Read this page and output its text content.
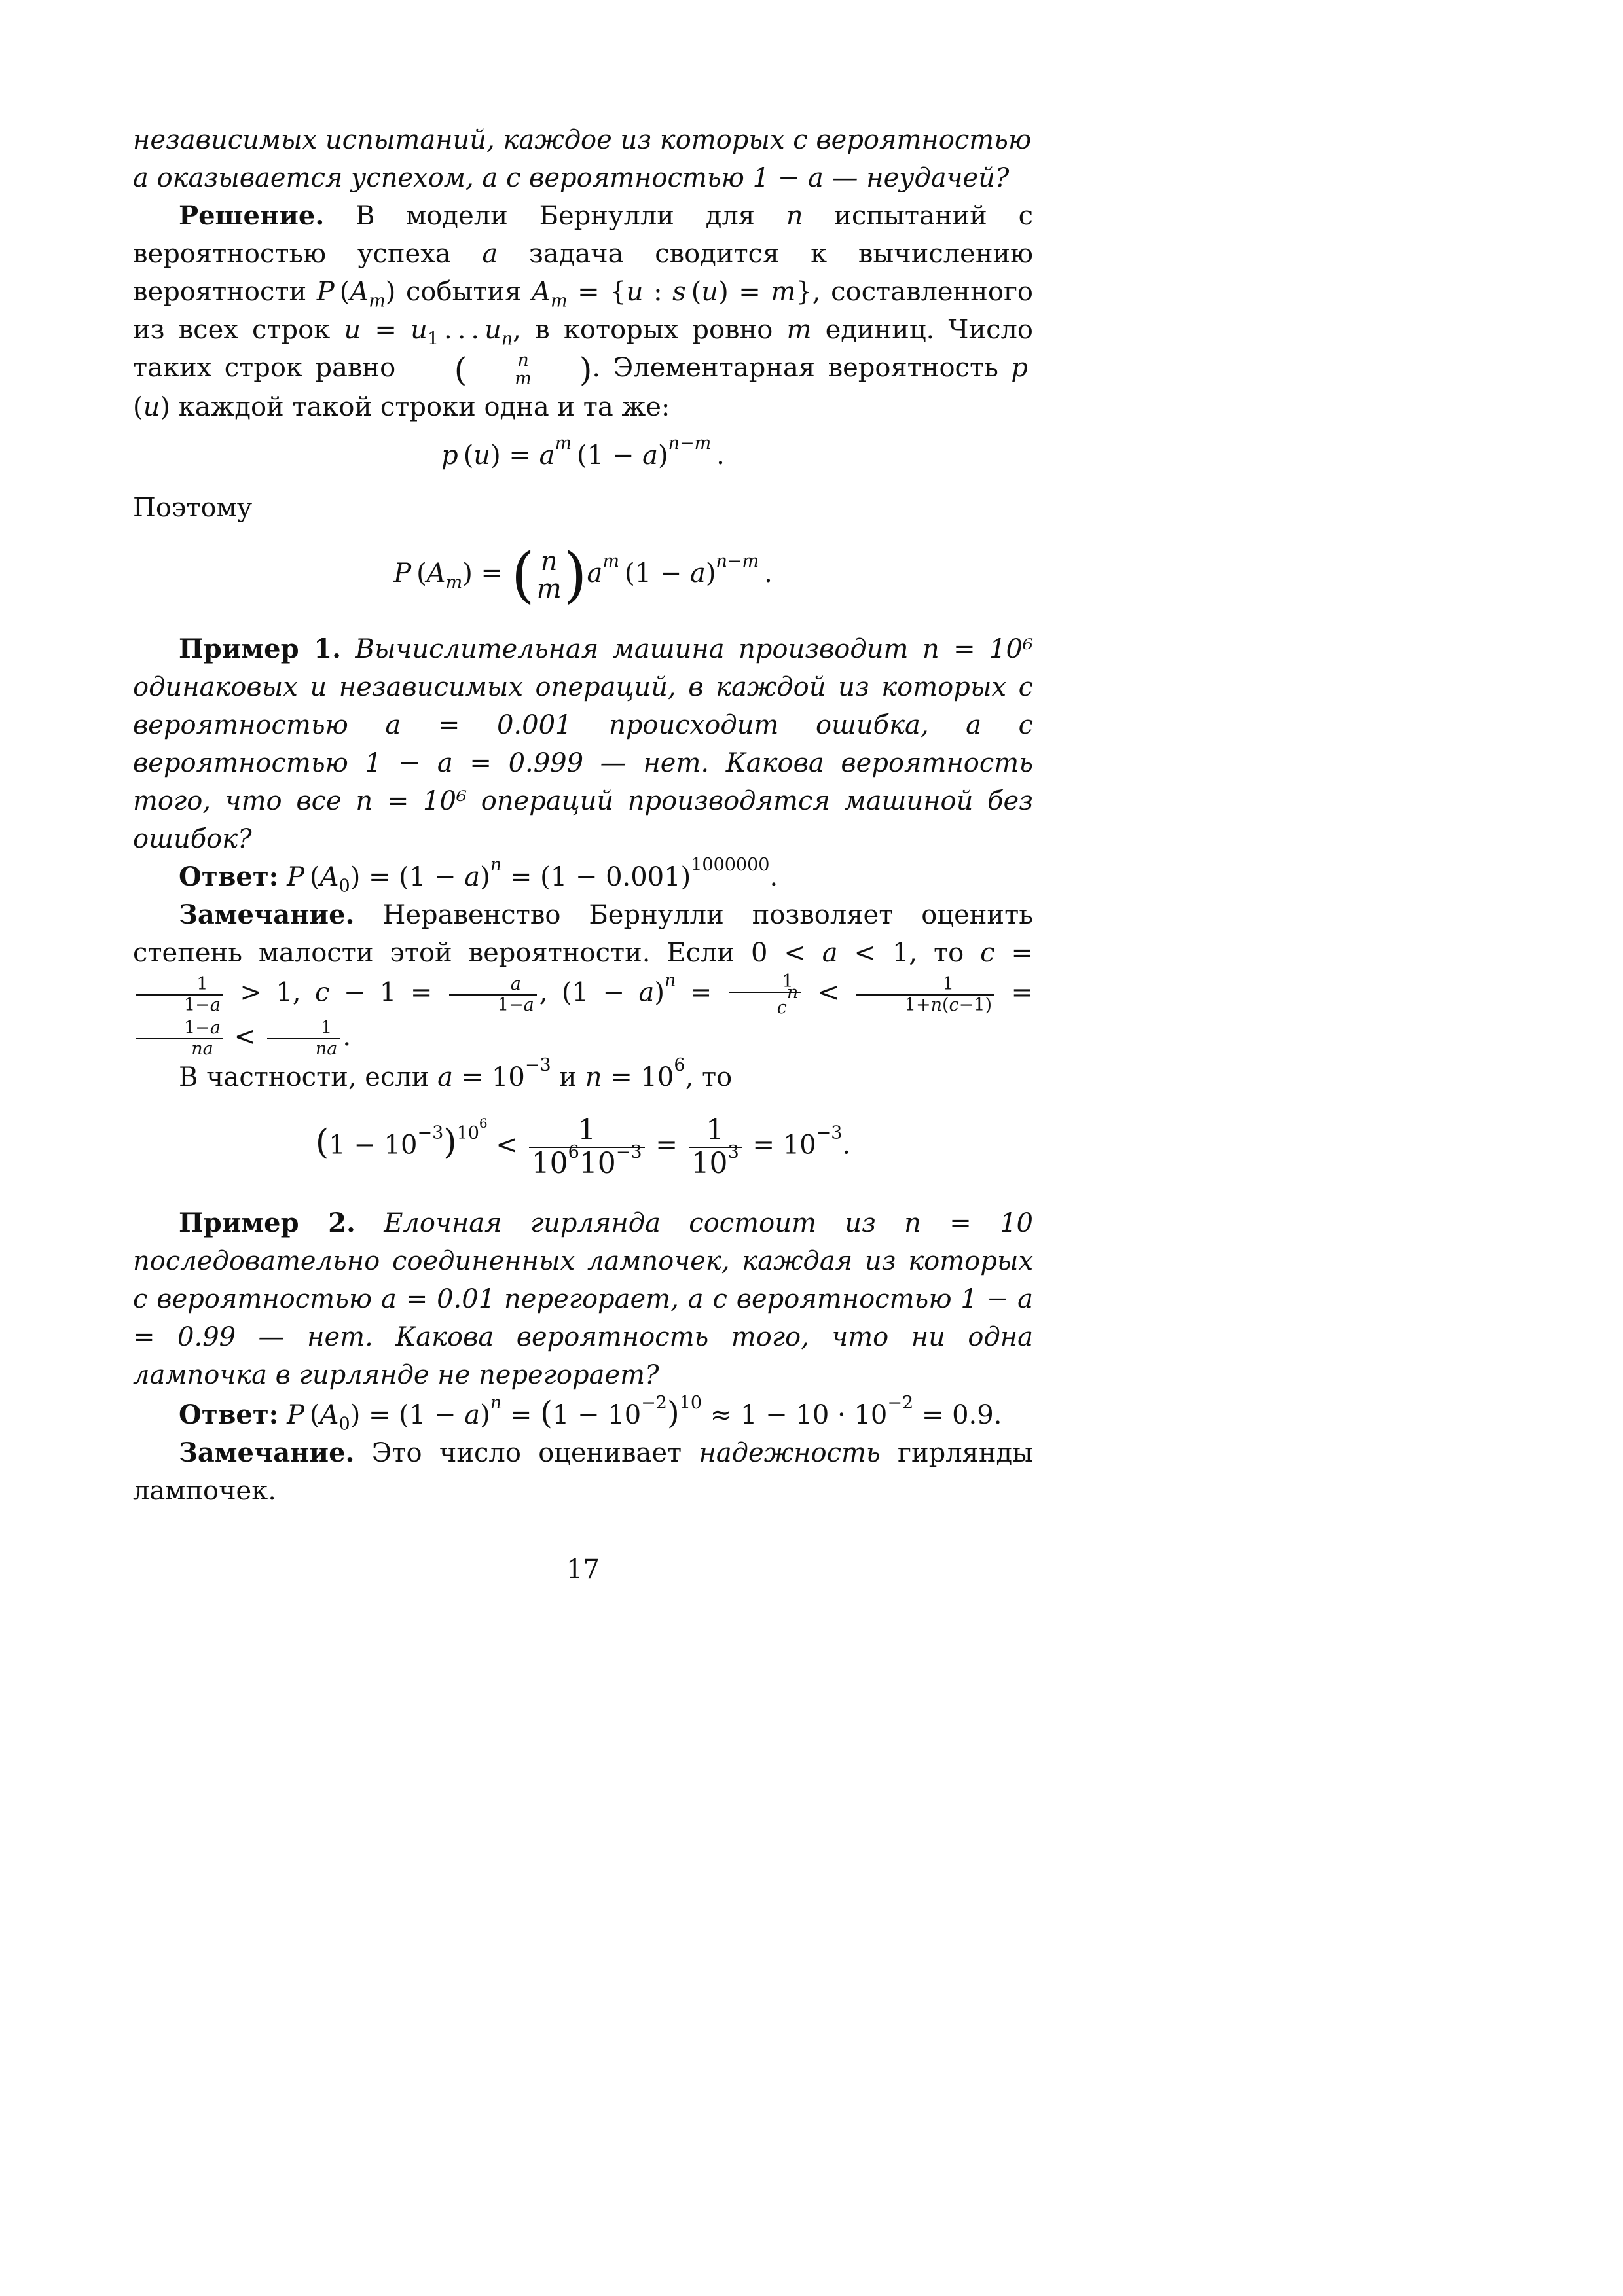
независимых испытаний, каждое из которых с вероятностью
a оказывается успехом, а с вероятностью 1 − a — неудачей?

Решение. В модели Бернулли для n испытаний с вероятностью успеха a задача сводится к вычислению вероятности P $(A_m)$ события $A_m = \{u$ : s (u) = m}, составленного из всех строк $u = u_1$ . . . $u_n$, в которых ровно m единиц. Число таких строк равно	(	n
m	) . Элементарная вероятность p (u) каждой такой строки одна и та же:

p $(u) = a^m$ $(1 - a)^{n-m}$ .

Поэтому

P $(A_m)$ = ( n
m ) $a^m$ $(1 - a)^{n-m}$ .

Пример 1. Вычислительная машина производит n = 10⁶ одинаковых и независимых операций, в каждой из которых с вероятностью a = 0.001 происходит ошибка, а с вероятностью 1 − a = 0.999 — нет. Какова вероятность того, что все n = 10⁶ операций производятся машиной без ошибок?

Ответ: P $(A_0) = (1 - a)^n = (1 - 0.001)^{1000000}$.

Замечание. Неравенство Бернулли позволяет оценить степень малости этой вероятности. Если 0 < a < 1, то c =
$\frac{1}{1-a} > 1$, $c - 1 = \frac{a}{1-a}$ , $(1 - a)^n = \frac{1}{c^n} < \frac{1}{1+n(c-1)}$ =
$\frac{1-a}{na} < \frac{1}{na}$ .

В частности, если $a = 10^{-3}$ и $n = 10^6$, то

$(1 - 10^{-3})^{10^6} < \frac{1}{10^610^{-3}} = \frac{1}{10^3} = 10^{-3}$.

Пример 2. Елочная гирлянда состоит из n = 10 последовательно соединенных лампочек, каждая из которых с вероятностью a = 0.01 перегорает, а с вероятностью 1 − a = 0.99 — нет. Какова вероятность того, что ни одна лампочка в гирлянде не перегорает?

Ответ: P $(A_0) = (1 - a)^n = (1 - 10^{-2})^{10} \approx 1 - 10 \cdot 10^{-2} = 0.9$.

Замечание. Это число оценивает надежность гирлянды лампочек.

17
